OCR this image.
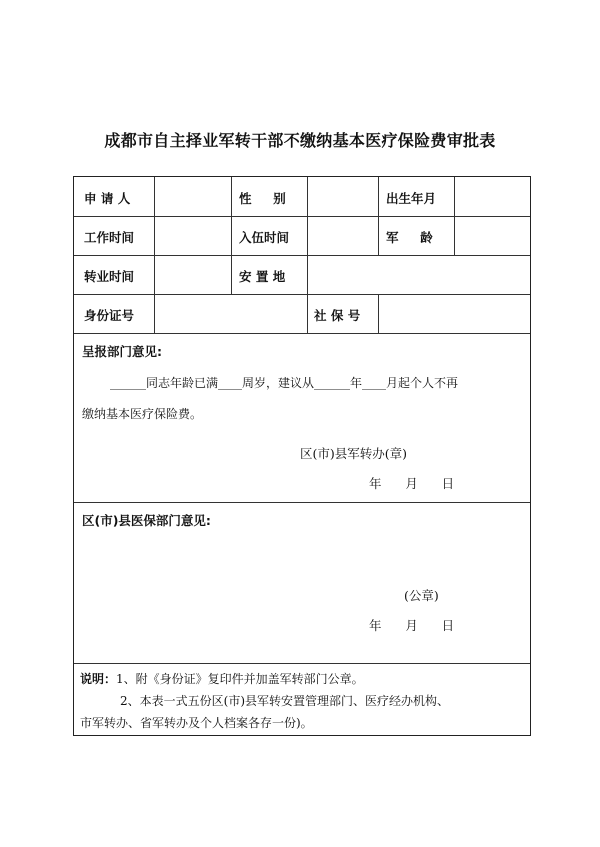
成都市自主择业军转干部不缴纳基本医疗保险费审批表
申 请 人	性     别	出生年月
工作时间	入伍时间	军     龄
转业时间	安 置 地
身份证号	社 保 号
呈报部门意见:
______同志年龄已满____周岁，建议从______年____月起个人不再
缴纳基本医疗保险费。
区(市)县军转办(章)
年      月      日
区(市)县医保部门意见:
(公章)
年      月      日
说明：1、附《身份证》复印件并加盖军转部门公章。
2、本表一式五份区(市)县军转安置管理部门、医疗经办机构、
市军转办、省军转办及个人档案各存一份)。
